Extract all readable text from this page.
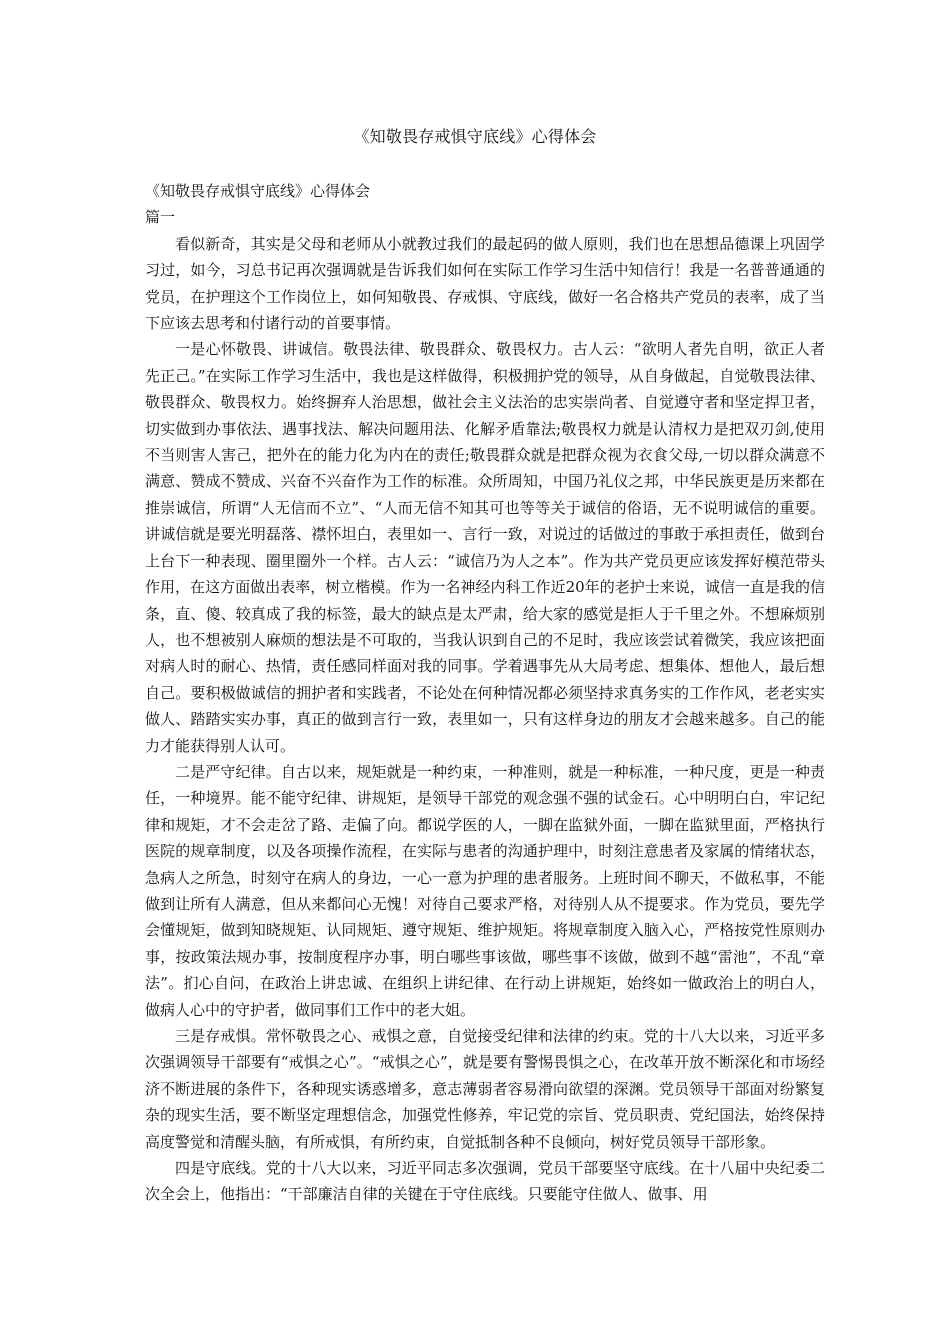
《知敬畏存戒惧守底线》心得体会

《知敬畏存戒惧守底线》心得体会

篇一

看似新奇，其实是父母和老师从小就教过我们的最起码的做人原则，我们也在思想品德课上巩固学习过，如今，习总书记再次强调就是告诉我们如何在实际工作学习生活中知信行！我是一名普普通通的党员，在护理这个工作岗位上，如何知敬畏、存戒惧、守底线，做好一名合格共产党员的表率，成了当下应该去思考和付诸行动的首要事情。

一是心怀敬畏、讲诚信。敬畏法律、敬畏群众、敬畏权力。古人云：“欲明人者先自明，欲正人者先正己。”在实际工作学习生活中，我也是这样做得，积极拥护党的领导，从自身做起，自觉敬畏法律、敬畏群众、敬畏权力。始终摒弃人治思想，做社会主义法治的忠实崇尚者、自觉遵守者和坚定捍卫者，切实做到办事依法、遇事找法、解决问题用法、化解矛盾靠法;敬畏权力就是认清权力是把双刃剑,使用不当则害人害己，把外在的能力化为内在的责任;敬畏群众就是把群众视为衣食父母,一切以群众满意不满意、赞成不赞成、兴奋不兴奋作为工作的标准。众所周知，中国乃礼仪之邦，中华民族更是历来都在推崇诚信，所谓“人无信而不立”、“人而无信不知其可也等等关于诚信的俗语，无不说明诚信的重要。讲诚信就是要光明磊落、襟怀坦白，表里如一、言行一致，对说过的话做过的事敢于承担责任，做到台上台下一种表现、圈里圈外一个样。古人云：“诚信乃为人之本”。作为共产党员更应该发挥好模范带头作用，在这方面做出表率，树立楷模。作为一名神经内科工作近20年的老护士来说，诚信一直是我的信条，直、傻、较真成了我的标签，最大的缺点是太严肃，给大家的感觉是拒人于千里之外。不想麻烦别人，也不想被别人麻烦的想法是不可取的，当我认识到自己的不足时，我应该尝试着微笑，我应该把面对病人时的耐心、热情，责任感同样面对我的同事。学着遇事先从大局考虑、想集体、想他人，最后想自己。要积极做诚信的拥护者和实践者，不论处在何种情况都必须坚持求真务实的工作作风，老老实实做人、踏踏实实办事，真正的做到言行一致，表里如一，只有这样身边的朋友才会越来越多。自己的能力才能获得别人认可。

二是严守纪律。自古以来，规矩就是一种约束，一种准则，就是一种标准，一种尺度，更是一种责任，一种境界。能不能守纪律、讲规矩，是领导干部党的观念强不强的试金石。心中明明白白，牢记纪律和规矩，才不会走岔了路、走偏了向。都说学医的人，一脚在监狱外面，一脚在监狱里面，严格执行医院的规章制度，以及各项操作流程，在实际与患者的沟通护理中，时刻注意患者及家属的情绪状态，急病人之所急，时刻守在病人的身边，一心一意为护理的患者服务。上班时间不聊天，不做私事，不能做到让所有人满意，但从来都问心无愧！对待自己要求严格，对待别人从不提要求。作为党员，要先学会懂规矩，做到知晓规矩、认同规矩、遵守规矩、维护规矩。将规章制度入脑入心，严格按党性原则办事，按政策法规办事，按制度程序办事，明白哪些事该做，哪些事不该做，做到不越“雷池”，不乱“章法”。扪心自问，在政治上讲忠诚、在组织上讲纪律、在行动上讲规矩，始终如一做政治上的明白人，做病人心中的守护者，做同事们工作中的老大姐。

三是存戒惧。常怀敬畏之心、戒惧之意，自觉接受纪律和法律的约束。党的十八大以来，习近平多次强调领导干部要有“戒惧之心”。“戒惧之心”，就是要有警惕畏惧之心，在改革开放不断深化和市场经济不断进展的条件下，各种现实诱惑增多，意志薄弱者容易滑向欲望的深渊。党员领导干部面对纷繁复杂的现实生活，要不断坚定理想信念，加强党性修养，牢记党的宗旨、党员职责、党纪国法，始终保持高度警觉和清醒头脑，有所戒惧，有所约束，自觉抵制各种不良倾向，树好党员领导干部形象。

四是守底线。党的十八大以来，习近平同志多次强调，党员干部要坚守底线。在十八届中央纪委二次全会上，他指出：“干部廉洁自律的关键在于守住底线。只要能守住做人、做事、用
